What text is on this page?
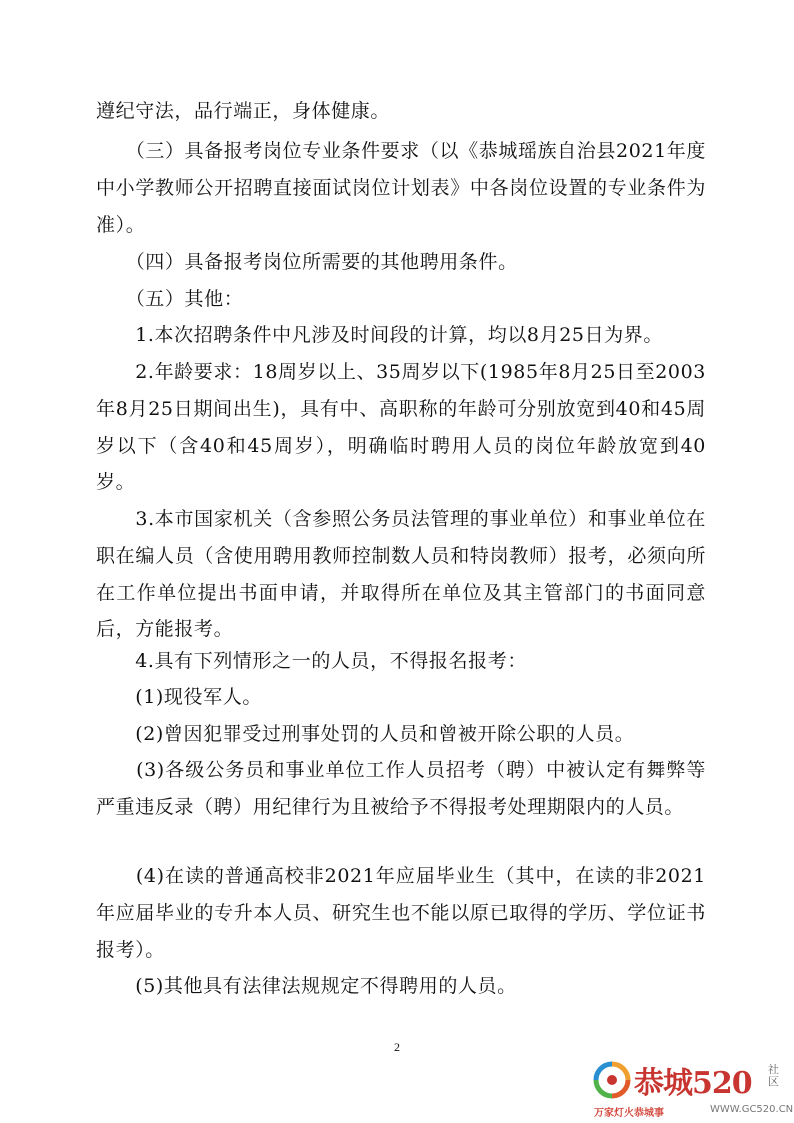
遵纪守法，品行端正，身体健康。

　　（三）具备报考岗位专业条件要求（以《恭城瑶族自治县2021年度中小学教师公开招聘直接面试岗位计划表》中各岗位设置的专业条件为准）。

　　（四）具备报考岗位所需要的其他聘用条件。

　　（五）其他：

　　1.本次招聘条件中凡涉及时间段的计算，均以8月25日为界。

　　2.年龄要求：18周岁以上、35周岁以下(1985年8月25日至2003年8月25日期间出生)，具有中、高职称的年龄可分别放宽到40和45周岁以下（含40和45周岁），明确临时聘用人员的岗位年龄放宽到40岁。

　　3.本市国家机关（含参照公务员法管理的事业单位）和事业单位在职在编人员（含使用聘用教师控制数人员和特岗教师）报考，必须向所在工作单位提出书面申请，并取得所在单位及其主管部门的书面同意后，方能报考。

　　4.具有下列情形之一的人员，不得报名报考：

　　(1)现役军人。

　　(2)曾因犯罪受过刑事处罚的人员和曾被开除公职的人员。

　　(3)各级公务员和事业单位工作人员招考（聘）中被认定有舞弊等严重违反录（聘）用纪律行为且被给予不得报考处理期限内的人员。

　　(4)在读的普通高校非2021年应届毕业生（其中，在读的非2021年应届毕业的专升本人员、研究生也不能以原已取得的学历、学位证书报考）。

　　(5)其他具有法律法规规定不得聘用的人员。

2
恭城520 社区
万家灯火恭城事	WWW.GC520.CN
